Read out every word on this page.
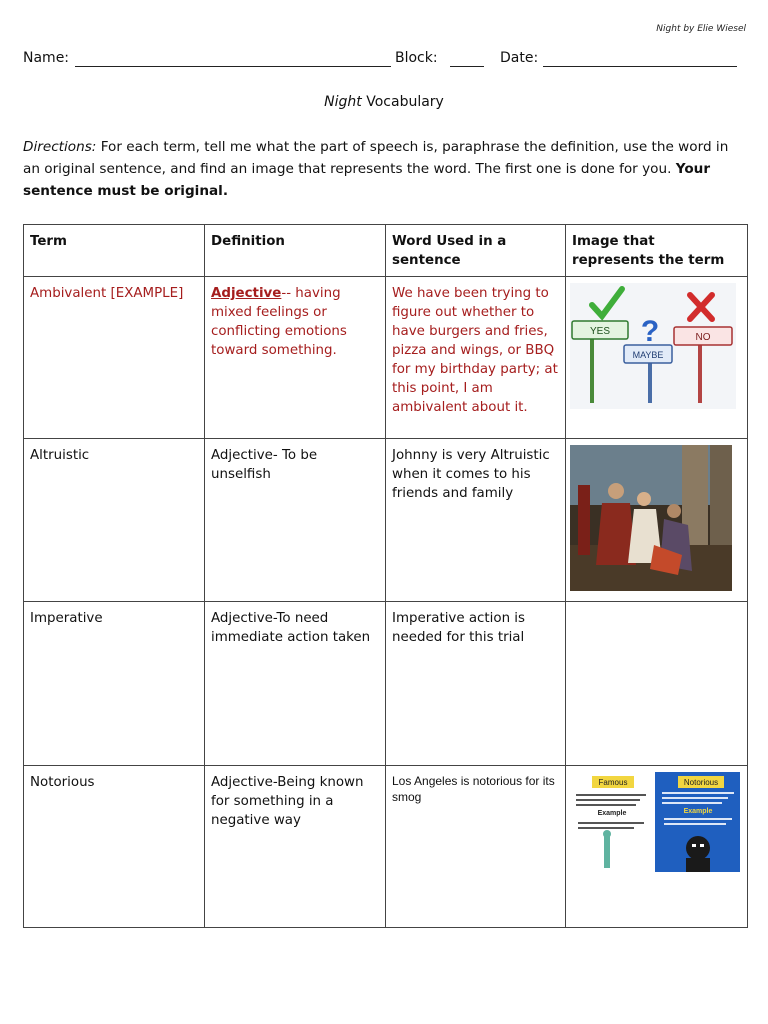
Night by Elie Wiesel
Name:	Block:	Date:
Night Vocabulary
Directions: For each term, tell me what the part of speech is, paraphrase the definition, use the word in an original sentence, and find an image that represents the word. The first one is done for you. Your sentence must be original.
Term	Definition	Word Used in a sentence	Image that represents the term
Ambivalent [EXAMPLE]	Adjective-- having mixed feelings or conflicting emotions toward something.	We have been trying to figure out whether to have burgers and fries, pizza and wings, or BBQ for my birthday party; at this point, I am ambivalent about it.	YES
MAYBE
? NO

Altruistic	Adjective- To be unselfish	Johnny is very Altruistic when it comes to his friends and family	

Imperative	Adjective-To need immediate action taken	Imperative action is needed for this trial	
Notorious	Adjective-Being known for something in a negative way	Los Angeles is notorious for its smog	Famous Notorious
Example Example
